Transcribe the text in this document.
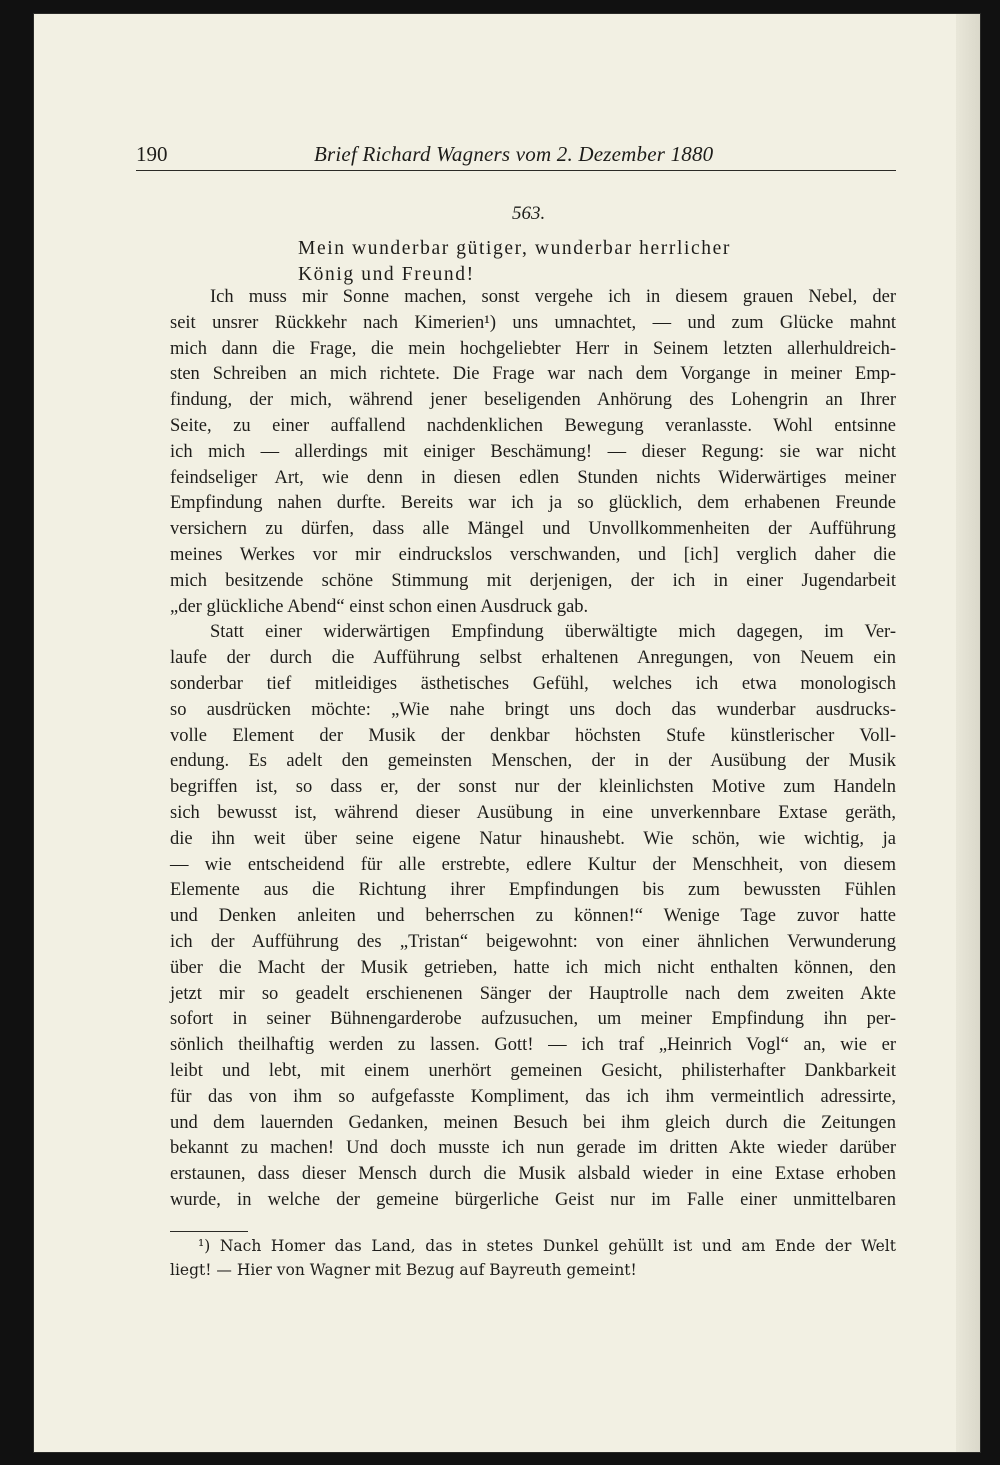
190	Brief Richard Wagners vom 2. Dezember 1880
563.
Mein wunderbar gütiger, wunderbar herrlicher
König und Freund!
Ich muss mir Sonne machen, sonst vergehe ich in diesem grauen Nebel, der
seit unsrer Rückkehr nach Kimerien¹) uns umnachtet, — und zum Glücke mahnt
mich dann die Frage, die mein hochgeliebter Herr in Seinem letzten allerhuldreich-
sten Schreiben an mich richtete. Die Frage war nach dem Vorgange in meiner Emp-
findung, der mich, während jener beseligenden Anhörung des Lohengrin an Ihrer
Seite, zu einer auffallend nachdenklichen Bewegung veranlasste. Wohl entsinne
ich mich — allerdings mit einiger Beschämung! — dieser Regung: sie war nicht
feindseliger Art, wie denn in diesen edlen Stunden nichts Widerwärtiges meiner
Empfindung nahen durfte. Bereits war ich ja so glücklich, dem erhabenen Freunde
versichern zu dürfen, dass alle Mängel und Unvollkommenheiten der Aufführung
meines Werkes vor mir eindruckslos verschwanden, und [ich] verglich daher die
mich besitzende schöne Stimmung mit derjenigen, der ich in einer Jugendarbeit
„der glückliche Abend“ einst schon einen Ausdruck gab.
Statt einer widerwärtigen Empfindung überwältigte mich dagegen, im Ver-
laufe der durch die Aufführung selbst erhaltenen Anregungen, von Neuem ein
sonderbar tief mitleidiges ästhetisches Gefühl, welches ich etwa monologisch
so ausdrücken möchte: „Wie nahe bringt uns doch das wunderbar ausdrucks-
volle Element der Musik der denkbar höchsten Stufe künstlerischer Voll-
endung. Es adelt den gemeinsten Menschen, der in der Ausübung der Musik
begriffen ist, so dass er, der sonst nur der kleinlichsten Motive zum Handeln
sich bewusst ist, während dieser Ausübung in eine unverkennbare Extase geräth,
die ihn weit über seine eigene Natur hinaushebt. Wie schön, wie wichtig, ja
— wie entscheidend für alle erstrebte, edlere Kultur der Menschheit, von diesem
Elemente aus die Richtung ihrer Empfindungen bis zum bewussten Fühlen
und Denken anleiten und beherrschen zu können!“ Wenige Tage zuvor hatte
ich der Aufführung des „Tristan“ beigewohnt: von einer ähnlichen Verwunderung
über die Macht der Musik getrieben, hatte ich mich nicht enthalten können, den
jetzt mir so geadelt erschienenen Sänger der Hauptrolle nach dem zweiten Akte
sofort in seiner Bühnengarderobe aufzusuchen, um meiner Empfindung ihn per-
sönlich theilhaftig werden zu lassen. Gott! — ich traf „Heinrich Vogl“ an, wie er
leibt und lebt, mit einem unerhört gemeinen Gesicht, philisterhafter Dankbarkeit
für das von ihm so aufgefasste Kompliment, das ich ihm vermeintlich adressirte,
und dem lauernden Gedanken, meinen Besuch bei ihm gleich durch die Zeitungen
bekannt zu machen! Und doch musste ich nun gerade im dritten Akte wieder darüber
erstaunen, dass dieser Mensch durch die Musik alsbald wieder in eine Extase erhoben
wurde, in welche der gemeine bürgerliche Geist nur im Falle einer unmittelbaren
¹) Nach Homer das Land, das in stetes Dunkel gehüllt ist und am Ende der Welt
liegt! — Hier von Wagner mit Bezug auf Bayreuth gemeint!
